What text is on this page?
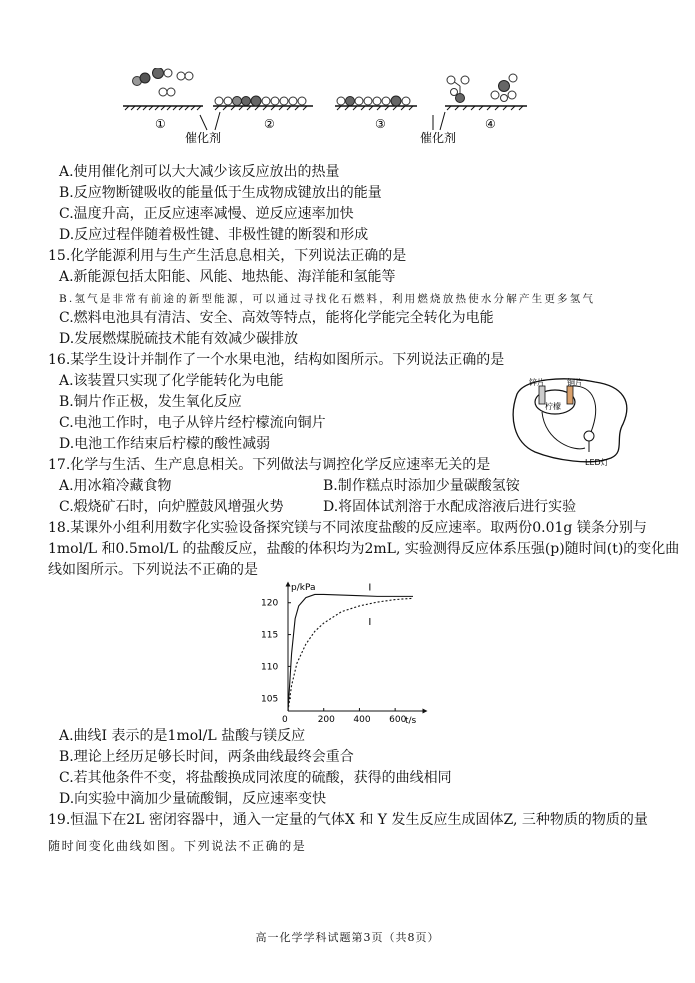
①	②	③	④
催化剂	催化剂
A.使用催化剂可以大大减少该反应放出的热量
B.反应物断键吸收的能量低于生成物成键放出的能量
C.温度升高，正反应速率减慢、逆反应速率加快
D.反应过程伴随着极性键、非极性键的断裂和形成
15.化学能源利用与生产生活息息相关，下列说法正确的是
A.新能源包括太阳能、风能、地热能、海洋能和氢能等
B.氢气是非常有前途的新型能源，可以通过寻找化石燃料，利用燃烧放热使水分解产生更多氢气
C.燃料电池具有清洁、安全、高效等特点，能将化学能完全转化为电能
D.发展燃煤脱硫技术能有效减少碳排放
16.某学生设计并制作了一个水果电池，结构如图所示。下列说法正确的是
A.该装置只实现了化学能转化为电能
B.铜片作正极，发生氧化反应
C.电池工作时，电子从锌片经柠檬流向铜片
D.电池工作结束后柠檬的酸性减弱
锌片	铜片
柠檬
LED灯
17.化学与生活、生产息息相关。下列做法与调控化学反应速率无关的是
A.用冰箱冷藏食物	B.制作糕点时添加少量碳酸氢铵
C.煅烧矿石时，向炉膛鼓风增强火势	D.将固体试剂溶于水配成溶液后进行实验
18.某课外小组利用数字化实验设备探究镁与不同浓度盐酸的反应速率。取两份0.01g 镁条分别与
1mol/L 和0.5mol/L 的盐酸反应，盐酸的体积均为2mL, 实验测得反应体系压强(p)随时间(t)的变化曲
线如图所示。下列说法不正确的是
p/kPa
t/s
120
115
110
105
0	200 400 600
I
I
A.曲线I 表示的是1mol/L 盐酸与镁反应
B.理论上经历足够长时间，两条曲线最终会重合
C.若其他条件不变，将盐酸换成同浓度的硫酸，获得的曲线相同
D.向实验中滴加少量硫酸铜，反应速率变快
19.恒温下在2L 密闭容器中，通入一定量的气体X 和 Y 发生反应生成固体Z, 三种物质的物质的量
随时间变化曲线如图。下列说法不正确的是
高一化学学科试题第3页（共8页）
